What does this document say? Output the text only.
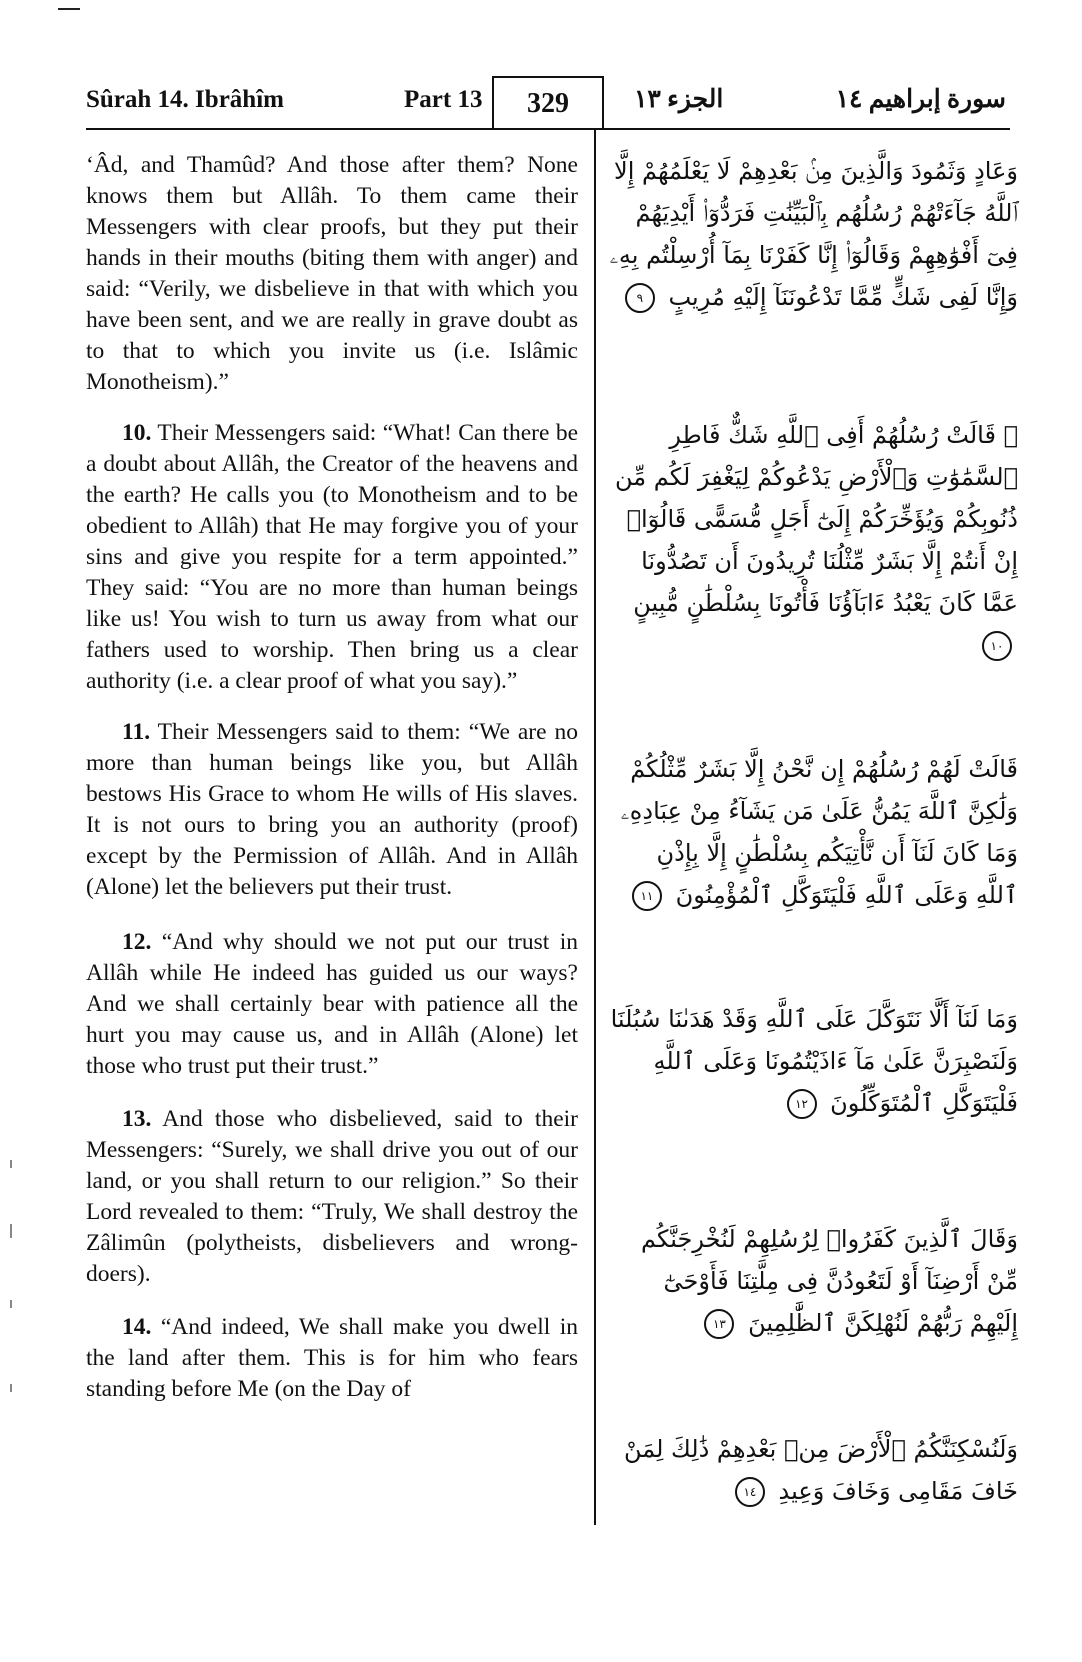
Sûrah 14. Ibrâhîm	Part 13	329	الجزء ١٣	سورة إبراهيم ١٤

‘Âd, and Thamûd? And those after them? None knows them but Allâh. To them came their Messengers with clear proofs, but they put their hands in their mouths (biting them with anger) and said: “Verily, we disbelieve in that with which you have been sent, and we are really in grave doubt as to that to which you invite us (i.e. Islâmic Monotheism).”

10. Their Messengers said: “What! Can there be a doubt about Allâh, the Creator of the heavens and the earth? He calls you (to Monotheism and to be obedient to Allâh) that He may forgive you of your sins and give you respite for a term appointed.” They said: “You are no more than human beings like us! You wish to turn us away from what our fathers used to worship. Then bring us a clear authority (i.e. a clear proof of what you say).”

11. Their Messengers said to them: “We are no more than human beings like you, but Allâh bestows His Grace to whom He wills of His slaves. It is not ours to bring you an authority (proof) except by the Permission of Allâh. And in Allâh (Alone) let the believers put their trust.

12. “And why should we not put our trust in Allâh while He indeed has guided us our ways? And we shall certainly bear with patience all the hurt you may cause us, and in Allâh (Alone) let those who trust put their trust.”

13. And those who disbelieved, said to their Messengers: “Surely, we shall drive you out of our land, or you shall return to our religion.” So their Lord revealed to them: “Truly, We shall destroy the Zâlimûn (polytheists, disbelievers and wrong-doers).

14. “And indeed, We shall make you dwell in the land after them. This is for him who fears standing before Me (on the Day of

وَعَادٍ وَثَمُودَ وَالَّذِينَ مِنۢ بَعْدِهِمْ لَا يَعْلَمُهُمْ إِلَّا ٱللَّهُ جَآءَتْهُمْ رُسُلُهُم بِٱلْبَيِّنَٰتِ فَرَدُّوٓا۟ أَيْدِيَهُمْ فِىٓ أَفْوَٰهِهِمْ وَقَالُوٓا۟ إِنَّا كَفَرْنَا بِمَآ أُرْسِلْتُم بِهِۦ وَإِنَّا لَفِى شَكٍّ مِّمَّا تَدْعُونَنَآ إِلَيْهِ مُرِيبٍ ٩

۞ قَالَتْ رُسُلُهُمْ أَفِى ٱللَّهِ شَكٌّ فَاطِرِ ٱلسَّمَٰوَٰتِ وَٱلْأَرْضِ يَدْعُوكُمْ لِيَغْفِرَ لَكُم مِّن ذُنُوبِكُمْ وَيُؤَخِّرَكُمْ إِلَىٰٓ أَجَلٍ مُّسَمًّى قَالُوٓا۟ إِنْ أَنتُمْ إِلَّا بَشَرٌ مِّثْلُنَا تُرِيدُونَ أَن تَصُدُّونَا عَمَّا كَانَ يَعْبُدُ ءَابَآؤُنَا فَأْتُونَا بِسُلْطَٰنٍ مُّبِينٍ ١٠

قَالَتْ لَهُمْ رُسُلُهُمْ إِن نَّحْنُ إِلَّا بَشَرٌ مِّثْلُكُمْ وَلَٰكِنَّ ٱللَّهَ يَمُنُّ عَلَىٰ مَن يَشَآءُ مِنْ عِبَادِهِۦ وَمَا كَانَ لَنَآ أَن نَّأْتِيَكُم بِسُلْطَٰنٍ إِلَّا بِإِذْنِ ٱللَّهِ وَعَلَى ٱللَّهِ فَلْيَتَوَكَّلِ ٱلْمُؤْمِنُونَ ١١

وَمَا لَنَآ أَلَّا نَتَوَكَّلَ عَلَى ٱللَّهِ وَقَدْ هَدَىٰنَا سُبُلَنَا وَلَنَصْبِرَنَّ عَلَىٰ مَآ ءَاذَيْتُمُونَا وَعَلَى ٱللَّهِ فَلْيَتَوَكَّلِ ٱلْمُتَوَكِّلُونَ ١٢

وَقَالَ ٱلَّذِينَ كَفَرُوا۟ لِرُسُلِهِمْ لَنُخْرِجَنَّكُم مِّنْ أَرْضِنَآ أَوْ لَتَعُودُنَّ فِى مِلَّتِنَا فَأَوْحَىٰٓ إِلَيْهِمْ رَبُّهُمْ لَنُهْلِكَنَّ ٱلظَّٰلِمِينَ ١٣

وَلَنُسْكِنَنَّكُمُ ٱلْأَرْضَ مِنۢ بَعْدِهِمْ ذَٰلِكَ لِمَنْ خَافَ مَقَامِى وَخَافَ وَعِيدِ ١٤
